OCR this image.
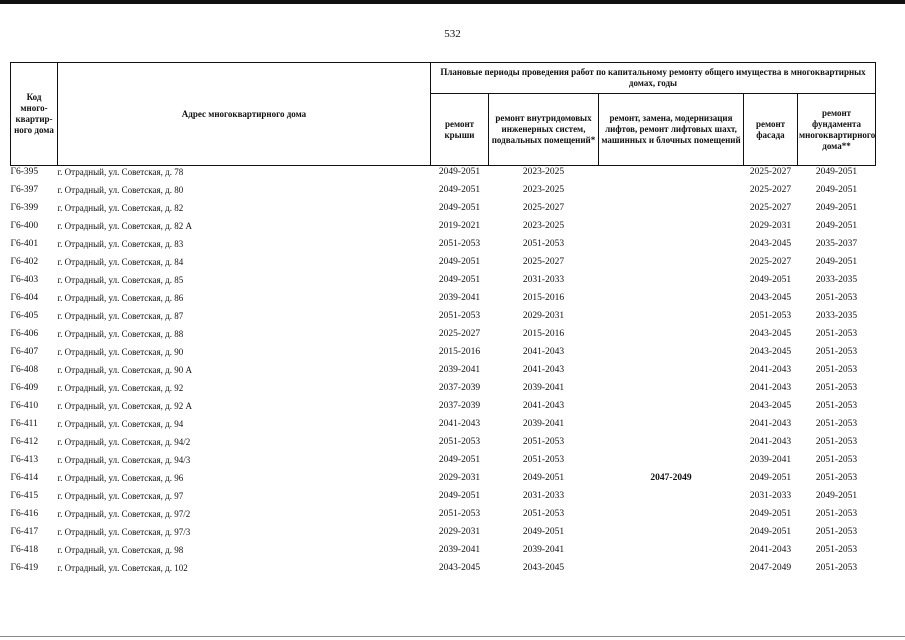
532
Код много-квартир-ного дома	Адрес многоквартирного дома	Плановые периоды проведения работ по капитальному ремонту общего имущества в многоквартирных домах, годы				
		ремонт крыши	ремонт внутридомовых инженерных систем, подвальных помещений*	ремонт, замена, модернизация лифтов, ремонт лифтовых шахт, машинных и блочных помещений	ремонт фасада	ремонт фундамента многоквартирного дома**
Г6-395	г. Отрадный, ул. Советская, д. 78	2049-2051	2023-2025		2025-2027	2049-2051
Г6-397	г. Отрадный, ул. Советская, д. 80	2049-2051	2023-2025		2025-2027	2049-2051
Г6-399	г. Отрадный, ул. Советская, д. 82	2049-2051	2025-2027		2025-2027	2049-2051
Г6-400	г. Отрадный, ул. Советская, д. 82 А	2019-2021	2023-2025		2029-2031	2049-2051
Г6-401	г. Отрадный, ул. Советская, д. 83	2051-2053	2051-2053		2043-2045	2035-2037
Г6-402	г. Отрадный, ул. Советская, д. 84	2049-2051	2025-2027		2025-2027	2049-2051
Г6-403	г. Отрадный, ул. Советская, д. 85	2049-2051	2031-2033		2049-2051	2033-2035
Г6-404	г. Отрадный, ул. Советская, д. 86	2039-2041	2015-2016		2043-2045	2051-2053
Г6-405	г. Отрадный, ул. Советская, д. 87	2051-2053	2029-2031		2051-2053	2033-2035
Г6-406	г. Отрадный, ул. Советская, д. 88	2025-2027	2015-2016		2043-2045	2051-2053
Г6-407	г. Отрадный, ул. Советская, д. 90	2015-2016	2041-2043		2043-2045	2051-2053
Г6-408	г. Отрадный, ул. Советская, д. 90 А	2039-2041	2041-2043		2041-2043	2051-2053
Г6-409	г. Отрадный, ул. Советская, д. 92	2037-2039	2039-2041		2041-2043	2051-2053
Г6-410	г. Отрадный, ул. Советская, д. 92 А	2037-2039	2041-2043		2043-2045	2051-2053
Г6-411	г. Отрадный, ул. Советская, д. 94	2041-2043	2039-2041		2041-2043	2051-2053
Г6-412	г. Отрадный, ул. Советская, д. 94/2	2051-2053	2051-2053		2041-2043	2051-2053
Г6-413	г. Отрадный, ул. Советская, д. 94/3	2049-2051	2051-2053		2039-2041	2051-2053
Г6-414	г. Отрадный, ул. Советская, д. 96	2029-2031	2049-2051	2047-2049	2049-2051	2051-2053
Г6-415	г. Отрадный, ул. Советская, д. 97	2049-2051	2031-2033		2031-2033	2049-2051
Г6-416	г. Отрадный, ул. Советская, д. 97/2	2051-2053	2051-2053		2049-2051	2051-2053
Г6-417	г. Отрадный, ул. Советская, д. 97/3	2029-2031	2049-2051		2049-2051	2051-2053
Г6-418	г. Отрадный, ул. Советская, д. 98	2039-2041	2039-2041		2041-2043	2051-2053
Г6-419	г. Отрадный, ул. Советская, д. 102	2043-2045	2043-2045		2047-2049	2051-2053
